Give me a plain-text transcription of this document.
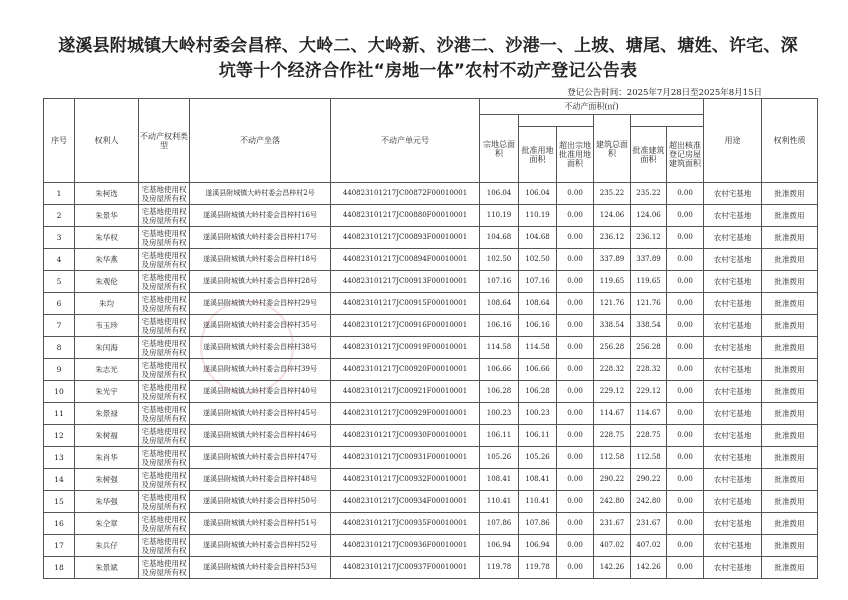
遂溪县附城镇大岭村委会昌梓、大岭二、大岭新、沙港二、沙港一、上坡、塘尾、塘姓、许宅、深
坑等十个经济合作社“房地一体”农村不动产登记公告表
登记公告时间：2025年7月28日至2025年8月15日
序号	权利人	不动产权利类型	不动产坐落	不动产单元号	不动产面积(㎡)						用途	权利性质
					宗地总面积			建筑总面积				
						批准用地面积	超出宗地批准用地面积		批准建筑面积	超出核准登记房屋建筑面积		
1	朱柯选	宅基地使用权及房屋所有权	遂溪县附城镇大岭村委会昌梓村2号	440823101217JC00872F00010001	106.04	106.04	0.00	235.22	235.22	0.00	农村宅基地	批准拨用
2	朱景华	宅基地使用权及房屋所有权	遂溪县附城镇大岭村委会昌梓村16号	440823101217JC00880F00010001	110.19	110.19	0.00	124.06	124.06	0.00	农村宅基地	批准拨用
3	朱华权	宅基地使用权及房屋所有权	遂溪县附城镇大岭村委会昌梓村17号	440823101217JC00893F00010001	104.68	104.68	0.00	236.12	236.12	0.00	农村宅基地	批准拨用
4	朱华燕	宅基地使用权及房屋所有权	遂溪县附城镇大岭村委会昌梓村18号	440823101217JC00894F00010001	102.50	102.50	0.00	337.89	337.89	0.00	农村宅基地	批准拨用
5	朱观伦	宅基地使用权及房屋所有权	遂溪县附城镇大岭村委会昌梓村28号	440823101217JC00913F00010001	107.16	107.16	0.00	119.65	119.65	0.00	农村宅基地	批准拨用
6	朱均	宅基地使用权及房屋所有权	遂溪县附城镇大岭村委会昌梓村29号	440823101217JC00915F00010001	108.64	108.64	0.00	121.76	121.76	0.00	农村宅基地	批准拨用
7	韦玉珍	宅基地使用权及房屋所有权	遂溪县附城镇大岭村委会昌梓村35号	440823101217JC00916F00010001	106.16	106.16	0.00	338.54	338.54	0.00	农村宅基地	批准拨用
8	朱闰海	宅基地使用权及房屋所有权	遂溪县附城镇大岭村委会昌梓村38号	440823101217JC00919F00010001	114.58	114.58	0.00	256.28	256.28	0.00	农村宅基地	批准拨用
9	朱志光	宅基地使用权及房屋所有权	遂溪县附城镇大岭村委会昌梓村39号	440823101217JC00920F00010001	106.66	106.66	0.00	228.32	228.32	0.00	农村宅基地	批准拨用
10	朱光宇	宅基地使用权及房屋所有权	遂溪县附城镇大岭村委会昌梓村40号	440823101217JC00921F00010001	106.28	106.28	0.00	229.12	229.12	0.00	农村宅基地	批准拨用
11	朱景禄	宅基地使用权及房屋所有权	遂溪县附城镇大岭村委会昌梓村45号	440823101217JC00929F00010001	100.23	100.23	0.00	114.67	114.67	0.00	农村宅基地	批准拨用
12	朱树福	宅基地使用权及房屋所有权	遂溪县附城镇大岭村委会昌梓村46号	440823101217JC00930F00010001	106.11	106.11	0.00	228.75	228.75	0.00	农村宅基地	批准拨用
13	朱肖华	宅基地使用权及房屋所有权	遂溪县附城镇大岭村委会昌梓村47号	440823101217JC00931F00010001	105.26	105.26	0.00	112.58	112.58	0.00	农村宅基地	批准拨用
14	朱树强	宅基地使用权及房屋所有权	遂溪县附城镇大岭村委会昌梓村48号	440823101217JC00932F00010001	108.41	108.41	0.00	290.22	290.22	0.00	农村宅基地	批准拨用
15	朱华强	宅基地使用权及房屋所有权	遂溪县附城镇大岭村委会昌梓村50号	440823101217JC00934F00010001	110.41	110.41	0.00	242.80	242.80	0.00	农村宅基地	批准拨用
16	朱仝章	宅基地使用权及房屋所有权	遂溪县附城镇大岭村委会昌梓村51号	440823101217JC00935F00010001	107.86	107.86	0.00	231.67	231.67	0.00	农村宅基地	批准拨用
17	朱兵仔	宅基地使用权及房屋所有权	遂溪县附城镇大岭村委会昌梓村52号	440823101217JC00936F00010001	106.94	106.94	0.00	407.02	407.02	0.00	农村宅基地	批准拨用
18	朱景斌	宅基地使用权及房屋所有权	遂溪县附城镇大岭村委会昌梓村53号	440823101217JC00937F00010001	119.78	119.78	0.00	142.26	142.26	0.00	农村宅基地	批准拨用
